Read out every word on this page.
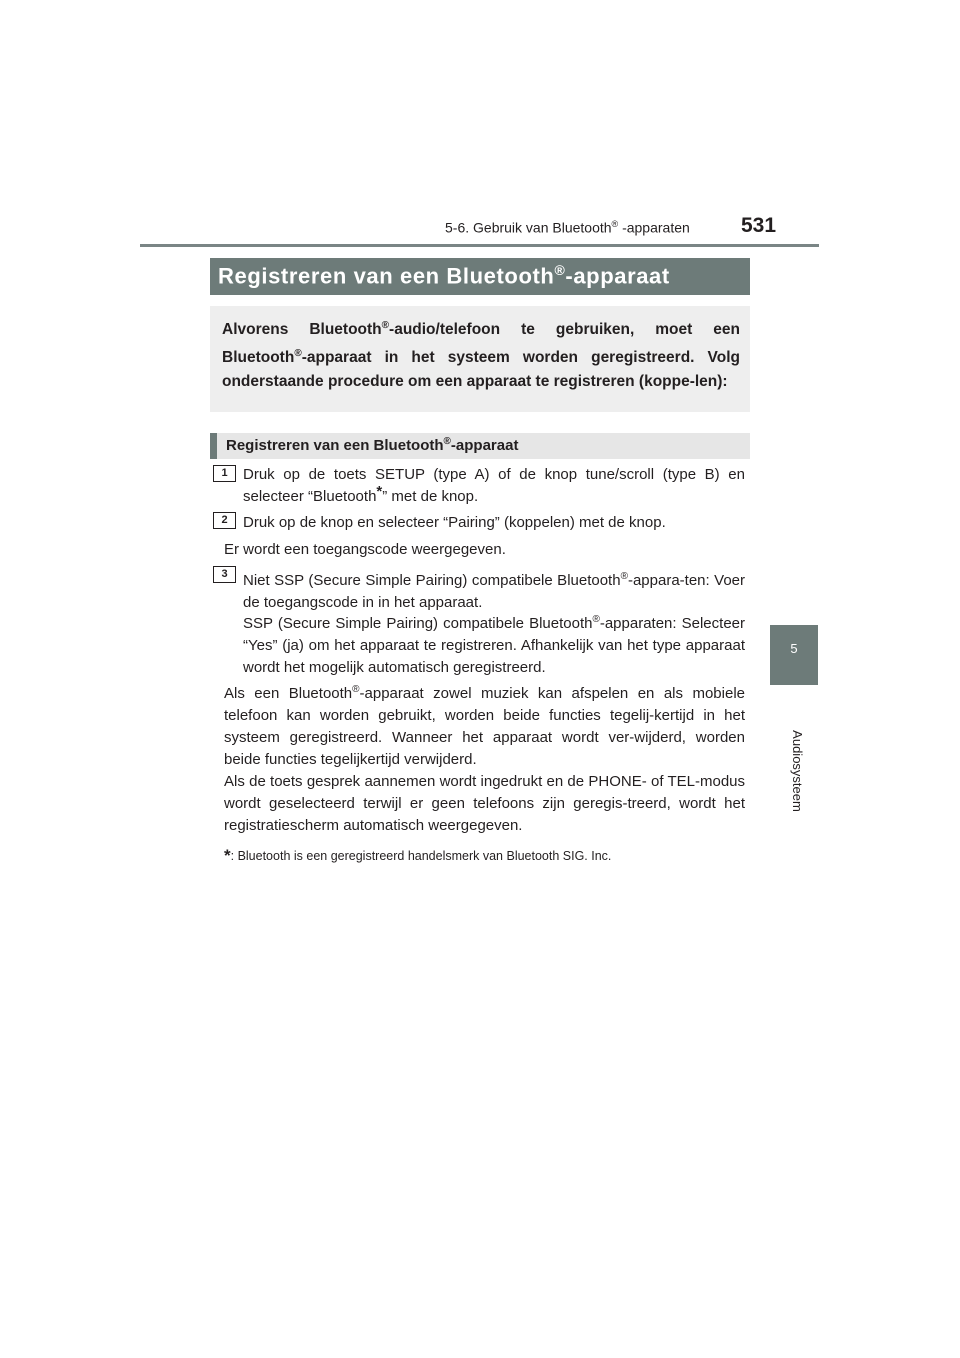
5-6. Gebruik van Bluetooth® -apparaten 531
5
Audiosysteem
Registreren van een Bluetooth®-apparaat
Alvorens Bluetooth®-audio/telefoon te gebruiken, moet een Bluetooth®-apparaat in het systeem worden geregistreerd. Volg onderstaande procedure om een apparaat te registreren (koppe-len):
Registreren van een Bluetooth®-apparaat
1	Druk op de toets SETUP (type A) of de knop tune/scroll (type B) en selecteer “Bluetooth*” met de knop.
2	Druk op de knop en selecteer “Pairing” (koppelen) met de knop.
Er wordt een toegangscode weergegeven.
3	Niet SSP (Secure Simple Pairing) compatibele Bluetooth®-appara-ten: Voer de toegangscode in in het apparaat.
SSP (Secure Simple Pairing) compatibele Bluetooth®-apparaten: Selecteer “Yes” (ja) om het apparaat te registreren. Afhankelijk van het type apparaat wordt het mogelijk automatisch geregistreerd.
Als een Bluetooth®-apparaat zowel muziek kan afspelen en als mobiele telefoon kan worden gebruikt, worden beide functies tegelij-kertijd in het systeem geregistreerd. Wanneer het apparaat wordt ver-wijderd, worden beide functies tegelijkertijd verwijderd.
Als de toets gesprek aannemen wordt ingedrukt en de PHONE- of TEL-modus wordt geselecteerd terwijl er geen telefoons zijn geregis-treerd, wordt het registratiescherm automatisch weergegeven.
*: Bluetooth is een geregistreerd handelsmerk van Bluetooth SIG. Inc.
